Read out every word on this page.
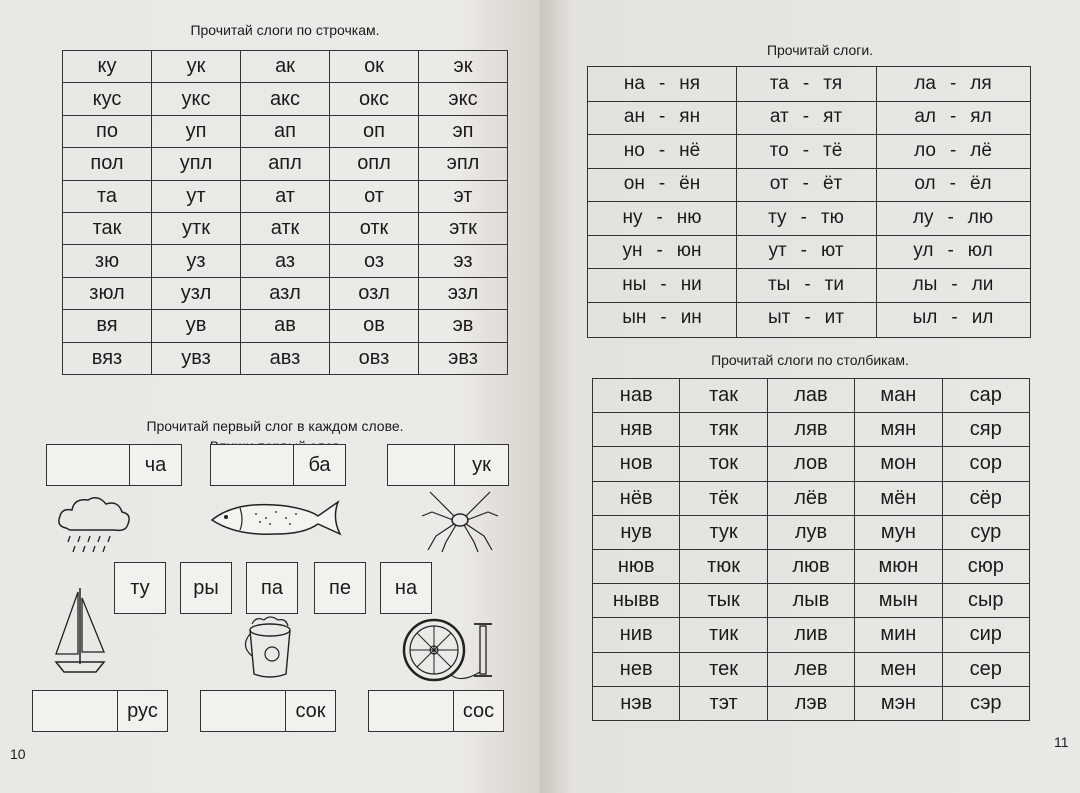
Прочитай слоги по строчкам.
ку	ук	ак	ок	эк
кус	укс	акс	окс	экс
по	уп	ап	оп	эп
пол	упл	апл	опл	эпл
та	ут	ат	от	эт
так	утк	атк	отк	этк
зю	уз	аз	оз	эз
зюл	узл	азл	озл	эзл
вя	ув	ав	ов	эв
вяз	увз	авз	овз	эвз
Прочитай первый слог в каждом слове.
ча	ба	ук
ту	ры	па	пе	на
рус	сок	сос
10
Прочитай слоги.
на - ня	та - тя	ла - ля
ан - ян	ат - ят	ал - ял
но - нё	то - тё	ло - лё
он - ён	от - ёт	ол - ёл
ну - ню	ту - тю	лу - лю
ун - юн	ут - ют	ул - юл
ны - ни	ты - ти	лы - ли
ын - ин	ыт - ит	ыл - ил
Прочитай слоги по столбикам.
нав	так	лав	ман	сар
няв	тяк	ляв	мян	сяр
нов	ток	лов	мон	сор
нёв	тёк	лёв	мён	сёр
нув	тук	лув	мун	сур
нюв	тюк	люв	мюн	сюр
нывв	тык	лыв	мын	сыр
нив	тик	лив	мин	сир
нев	тек	лев	мен	сер
нэв	тэт	лэв	мэн	сэр
11
